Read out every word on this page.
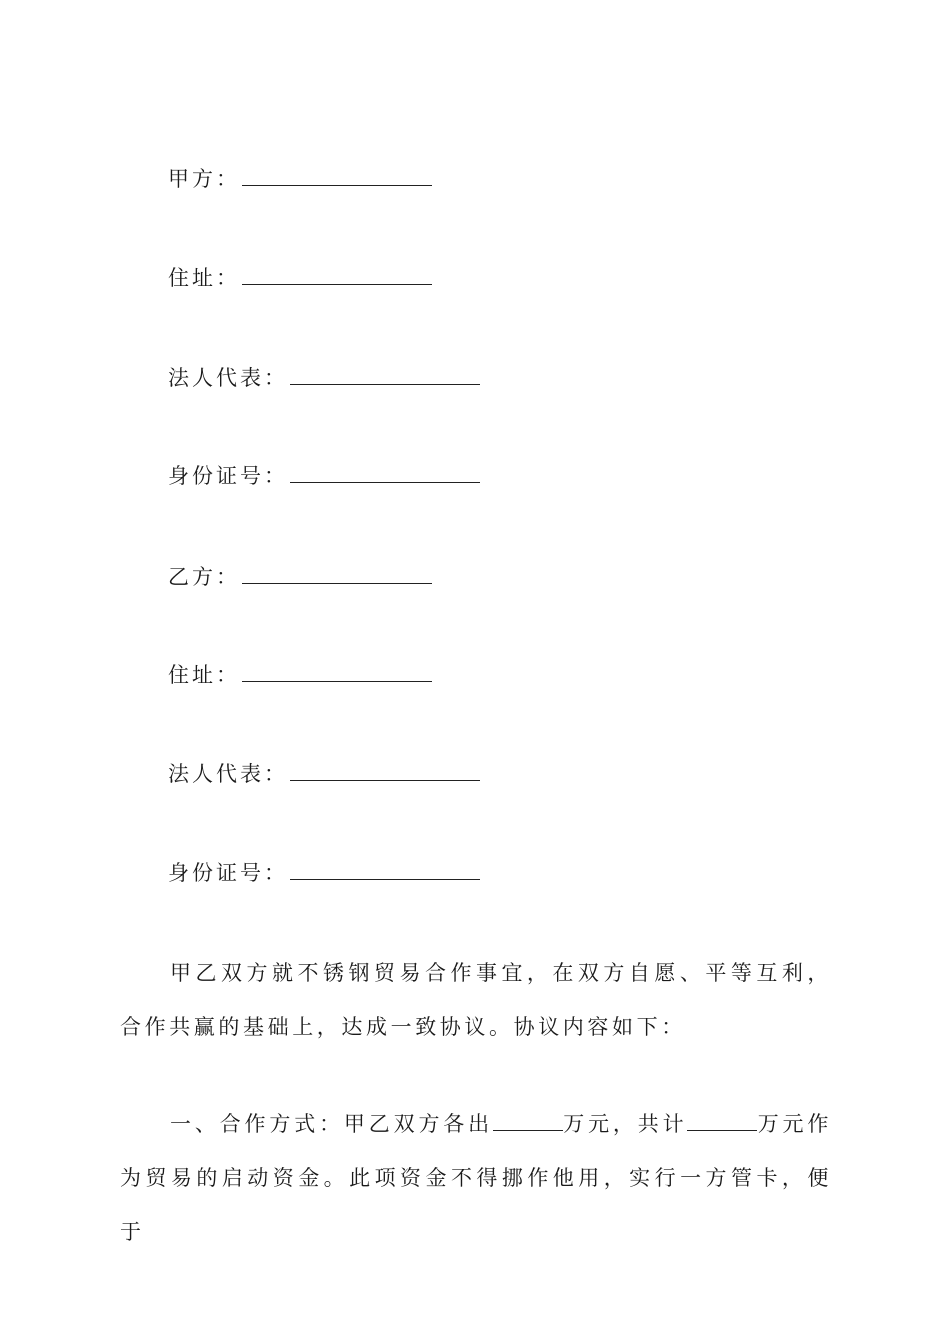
甲方：
住址：
法人代表：
身份证号：
乙方：
住址：
法人代表：
身份证号：
甲乙双方就不锈钢贸易合作事宜，在双方自愿、平等互利，合作共赢的基础上，达成一致协议。协议内容如下：
一、合作方式：甲乙双方各出	万元，共计	万元作为贸易的启动资金。此项资金不得挪作他用，实行一方管卡，便于
